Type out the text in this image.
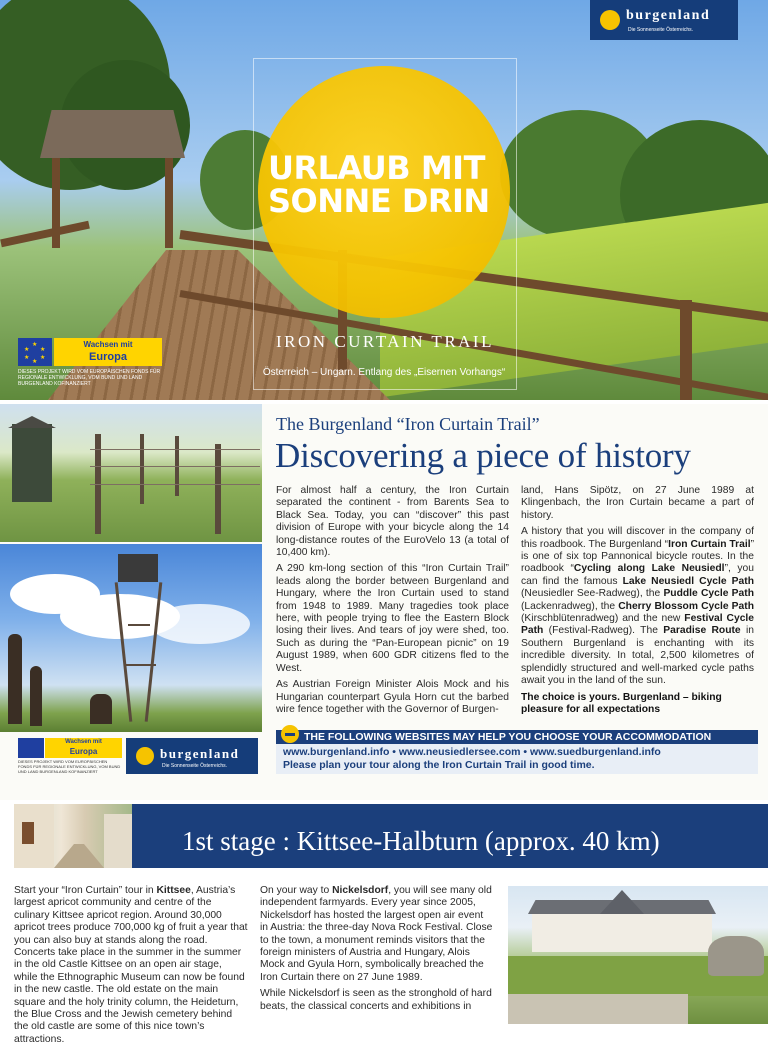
URLAUB MIT
SONNE DRIN
IRON CURTAIN TRAIL
Österreich – Ungarn. Entlang des „Eisernen Vorhangs“
burgenland
Die Sonnenseite Österreichs.
★
★
★
★
★
★
Wachsen mit
Europa
DIESES PROJEKT WIRD VOM EUROPÄISCHEN FONDS FÜR REGIONALE ENTWICKLUNG, VOM BUND UND LAND BURGENLAND KOFINANZIERT
Wachsen mit
Europa
DIESES PROJEKT WIRD VOM EUROPÄISCHEN FONDS FÜR REGIONALE ENTWICKLUNG, VOM BUND UND LAND BURGENLAND KOFINANZIERT
burgenland
Die Sonnenseite Österreichs.
The Burgenland “Iron Curtain Trail”
Discovering a piece of history

For almost half a century, the Iron Curtain separated the continent - from Barents Sea to Black Sea. Today, you can “discover” this past division of Europe with your bicycle along the 14 long-distance routes of the EuroVelo 13 (a total of 10,400 km).

A 290 km-long section of this “Iron Curtain Trail” leads along the border between Burgenland and Hungary, where the Iron Curtain used to stand from 1948 to 1989. Many tragedies took place here, with people trying to flee the Eastern Block losing their lives. And tears of joy were shed, too. Such as during the “Pan-European picnic” on 19 August 1989, when 600 GDR citizens fled to the West.

As Austrian Foreign Minister Alois Mock and his Hungarian counterpart Gyula Horn cut the barbed wire fence together with the Governor of Burgen-

land, Hans Sipötz, on 27 June 1989 at Klingenbach, the Iron Curtain became a part of history.

A history that you will discover in the company of this roadbook. The Burgenland “Iron Curtain Trail” is one of six top Pannonical bicycle routes. In the roadbook “Cycling along Lake Neusiedl”, you can find the famous Lake Neusiedl Cycle Path (Neusiedler See-Radweg), the Puddle Cycle Path (Lackenradweg), the Cherry Blossom Cycle Path (Kirschblütenradweg) and the new Festival Cycle Path (Festival-Radweg). The Paradise Route in Southern Burgenland is enchanting with its incredible diversity. In total, 2,500 kilometres of splendidly structured and well-marked cycle paths await you in the land of the sun.

The choice is yours. Burgenland – biking pleasure for all expectations

THE FOLLOWING WEBSITES MAY HELP YOU CHOOSE YOUR ACCOMMODATION
www.burgenland.info • www.neusiedlersee.com • www.suedburgenland.info
Please plan your tour along the Iron Curtain Trail in good time.
1st stage : Kittsee-Halbturn (approx. 40 km)

Start your “Iron Curtain” tour in Kittsee, Austria’s largest apricot community and centre of the culinary Kittsee apricot region. Around 30,000 apricot trees produce 700,000 kg of fruit a year that you can also buy at stands along the road. Concerts take place in the summer in the summer in the old Castle Kittsee on an open air stage, while the Ethnographic Museum can now be found in the new castle. The old estate on the main square and the holy trinity column, the Heideturn, the Blue Cross and the Jewish cemetery behind the old castle are some of this nice town’s attractions.

On your way to Nickelsdorf, you will see many old independent farmyards. Every year since 2005, Nickelsdorf has hosted the largest open air event in Austria: the three-day Nova Rock Festival. Close to the town, a monument reminds visitors that the foreign ministers of Austria and Hungary, Alois Mock and Gyula Horn, symbolically breached the Iron Curtain there on 27 June 1989.

While Nickelsdorf is seen as the stronghold of hard beats, the classical concerts and exhibitions in
